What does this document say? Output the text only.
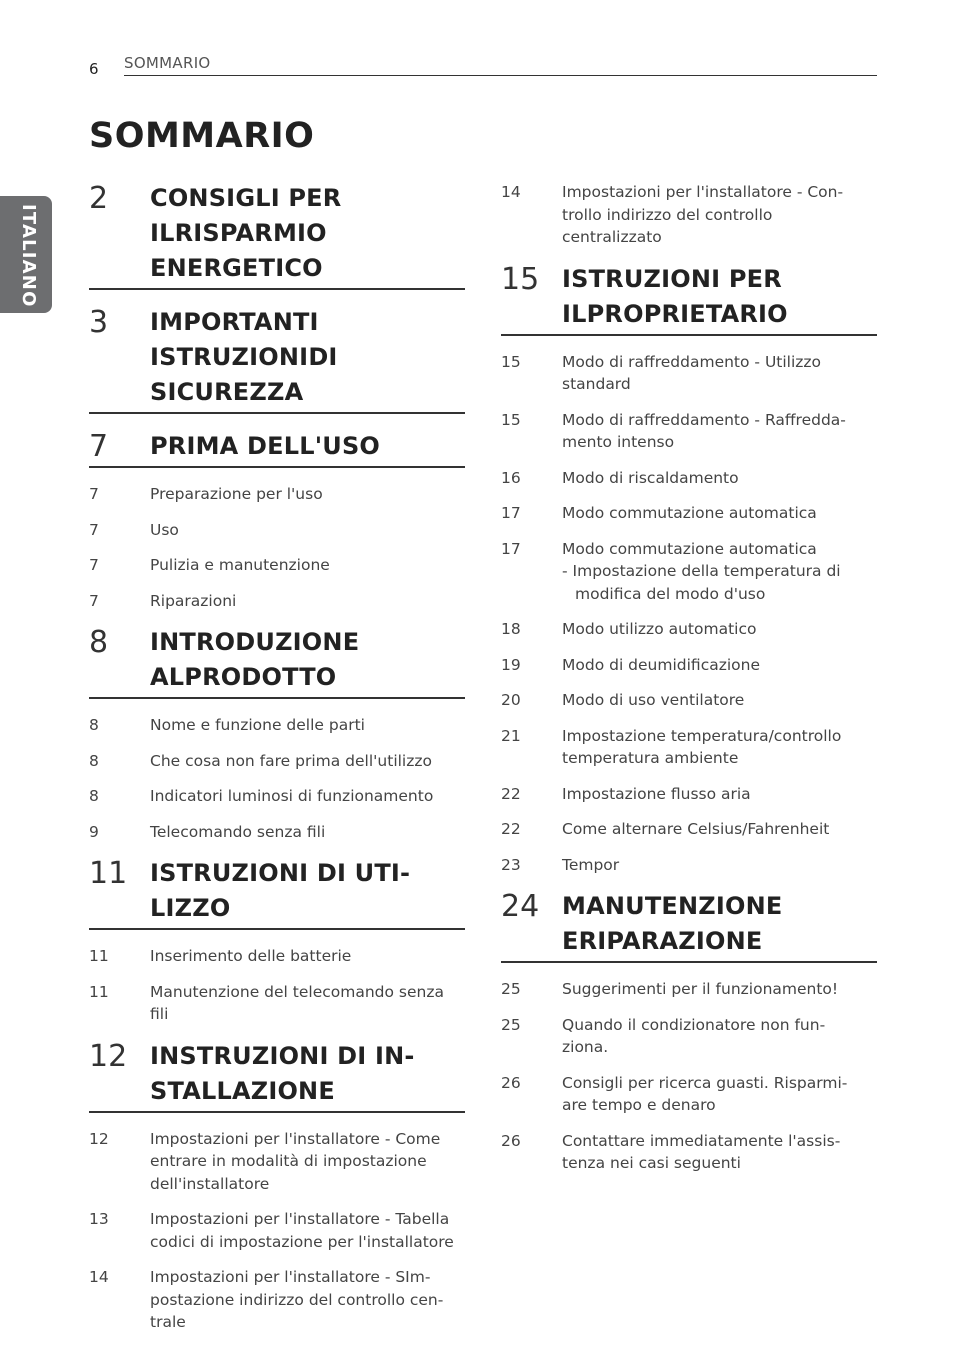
6 SOMMARIO
ITALIANO
SOMMARIO
2	CONSIGLI PER ILRISPARMIO ENERGETICO
3	IMPORTANTI ISTRUZIONIDI SICUREZZA
7	PRIMA DELL'USO
7	Preparazione per l'uso
7	Uso
7	Pulizia e manutenzione
7	Riparazioni
8	INTRODUZIONE ALPRODOTTO
8	Nome e funzione delle parti
8	Che cosa non fare prima dell'utilizzo
8	Indicatori luminosi di funzionamento
9	Telecomando senza fili
11 ISTRUZIONI DI UTI-LIZZO
11	Inserimento delle batterie
11	Manutenzione del telecomando senza
fili
12 INSTRUZIONI DI IN-STALLAZIONE
12	Impostazioni per l'installatore - Come
entrare in modalità di impostazione
dell'installatore
13	Impostazioni per l'installatore - Tabella
codici di impostazione per l'installatore
14	Impostazioni per l'installatore - SIm-
postazione indirizzo del controllo cen-
trale
14	Impostazioni per l'installatore - Con-
trollo indirizzo del controllo centralizzato
15 ISTRUZIONI PER ILPROPRIETARIO
15	Modo di raffreddamento - Utilizzo
standard
15	Modo di raffreddamento - Raffredda-
mento intenso
16	Modo di riscaldamento
17	Modo commutazione automatica
17	Modo commutazione automatica
- Impostazione della temperatura di
modifica del modo d'uso
18	Modo utilizzo automatico
19	Modo di deumidificazione
20	Modo di uso ventilatore
21	Impostazione temperatura/controllo
temperatura ambiente
22	Impostazione flusso aria
22	Come alternare Celsius/Fahrenheit
23	Tempor
24 MANUTENZIONE ERIPARAZIONE
25	Suggerimenti per il funzionamento!
25	Quando il condizionatore non fun-
ziona.
26	Consigli per ricerca guasti. Risparmi-
are tempo e denaro
26	Contattare immediatamente l'assis-
tenza nei casi seguenti
